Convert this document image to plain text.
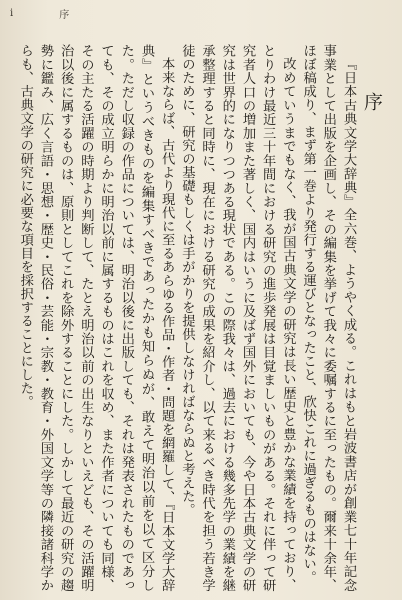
i	序
序

『日本古典文学大辞典』全六巻、ようやく成る。これはもと岩波書店が創業七十年記念事業として出版を企画し、その編集を挙げて我々に委嘱するに至ったもの。爾来十余年、ほぼ稿成り、まず第一巻より発行する運びとなったこと、欣快これに過ぎるものはない。

改めていうまでもなく、我が国古典文学の研究は長い歴史と豊かな業績を持っており、とりわけ最近三十年間における研究の進歩発展は目覚ましいものがある。それに伴って研究者人口の増加また著しく、国内はいうに及ばず国外においても、今や日本古典文学の研究は世界的になりつつある現状である。この際我々は、過去における幾多先学の業績を継承整理すると同時に、現在における研究の成果を紹介し、以て来るべき時代を担う若き学徒のために、研究の基礎もしくは手がかりを提供しなければならぬと考えた。

本来ならば、古代より現代に至るあらゆる作品・作者・問題を網羅して、『日本文学大辞典』というべきものを編集すべきであったかも知らぬが、敢えて明治以前を以て区分した。ただし収録の作品については、明治以後に出版しても、それは発表されたものであっても、その成立明らかに明治以前に属するものはこれを収め、また作者についても同様、その主たる活躍の時期より判断して、たとえ明治以前の出生なりといえども、その活躍明治以後に属するものは、原則としてこれを除外することにした。しかして最近の研究の趨勢に鑑み、広く言語・思想・歴史・民俗・芸能・宗教・教育・外国文学等の隣接諸科学からも、古典文学の研究に必要な項目を採択することにした。
